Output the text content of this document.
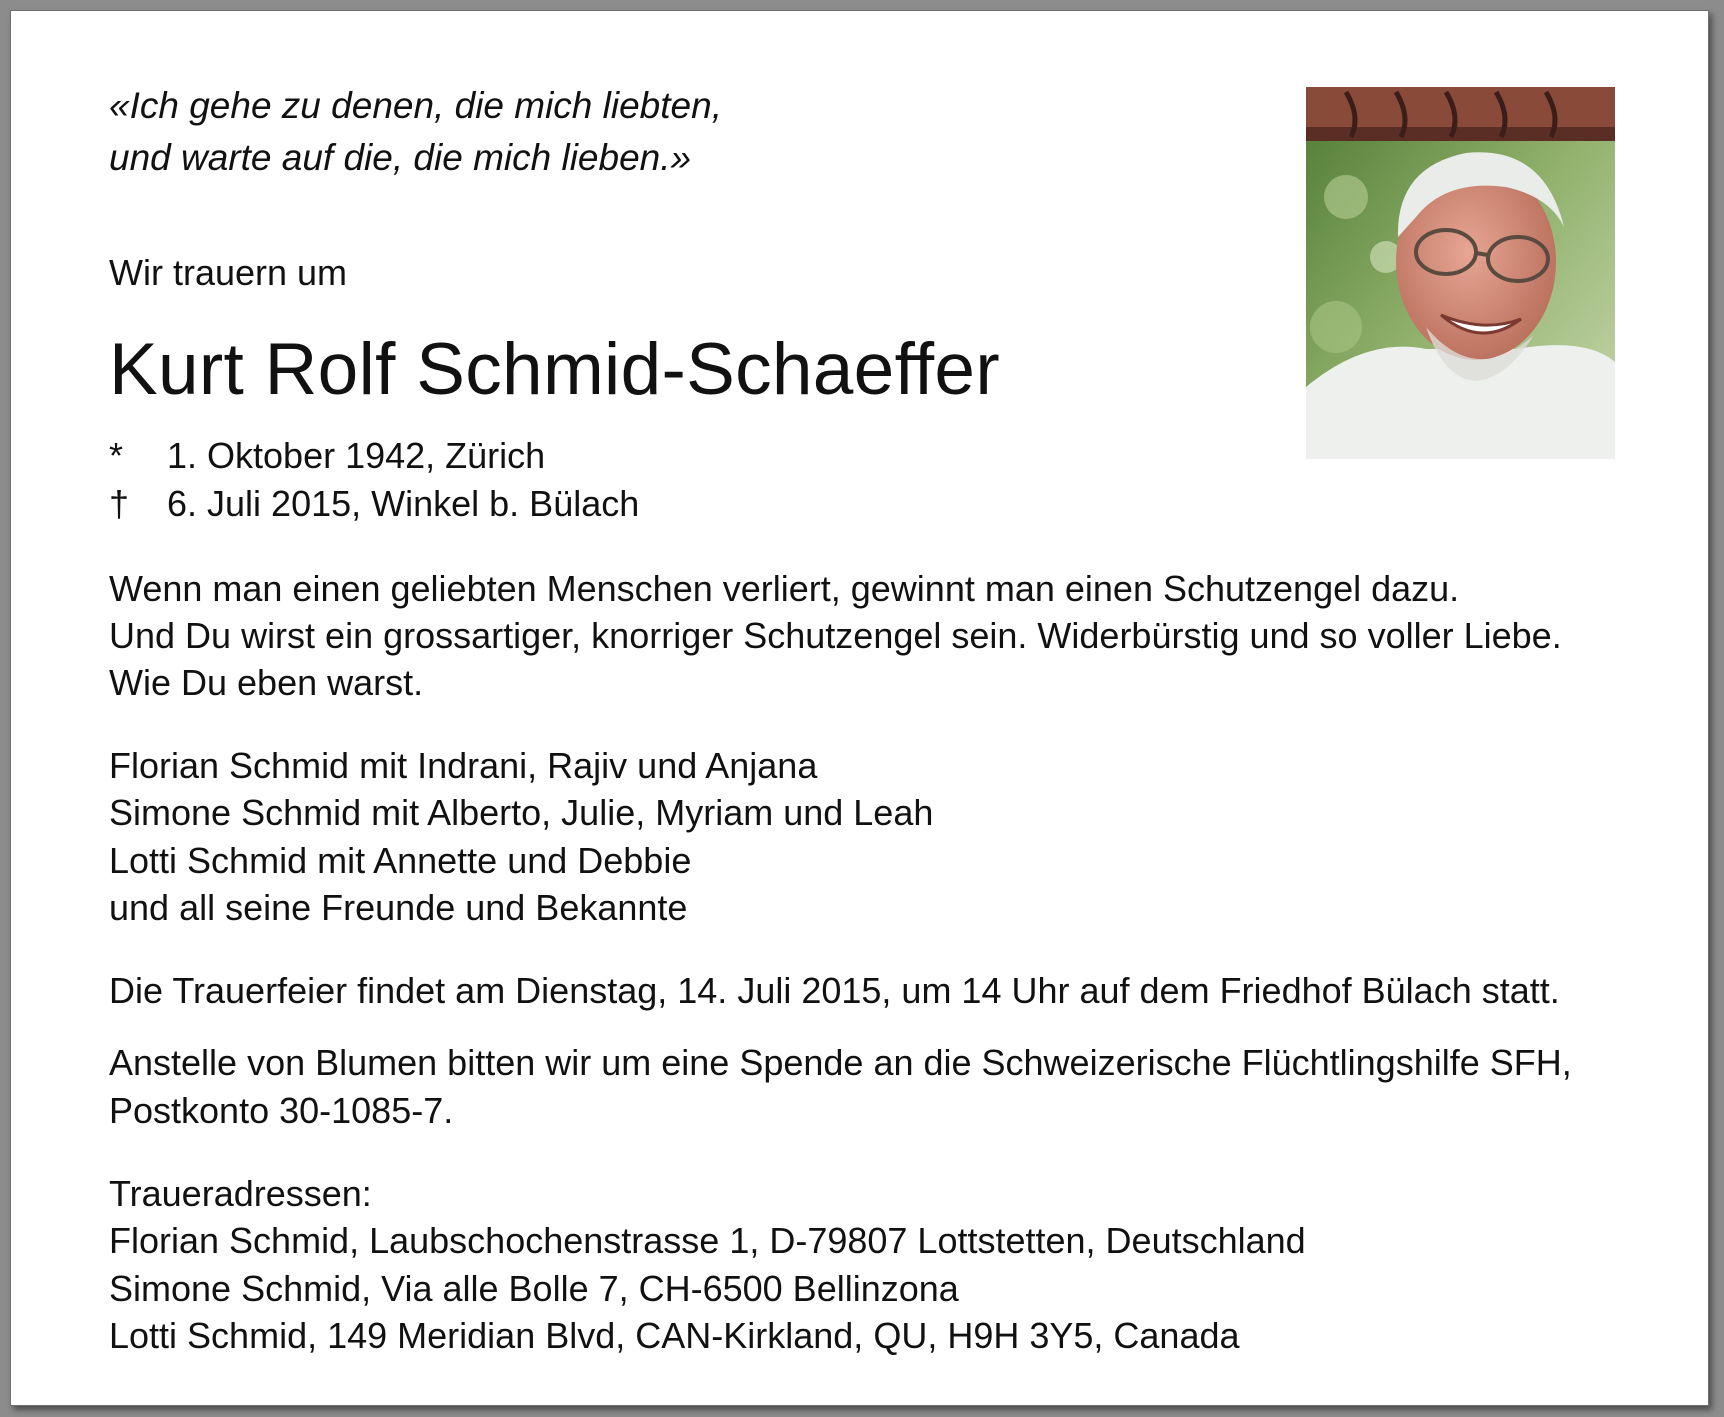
«Ich gehe zu denen, die mich liebten,
und warte auf die, die mich lieben.»
Wir trauern um
Kurt Rolf Schmid-Schaeffer
* 1. Oktober 1942, Zürich
† 6. Juli 2015, Winkel b. Bülach
Wenn man einen geliebten Menschen verliert, gewinnt man einen Schutzengel dazu.
Und Du wirst ein grossartiger, knorriger Schutzengel sein. Widerbürstig und so voller Liebe.
Wie Du eben warst.
Florian Schmid mit Indrani, Rajiv und Anjana
Simone Schmid mit Alberto, Julie, Myriam und Leah
Lotti Schmid mit Annette und Debbie
und all seine Freunde und Bekannte
Die Trauerfeier findet am Dienstag, 14. Juli 2015, um 14 Uhr auf dem Friedhof Bülach statt.
Anstelle von Blumen bitten wir um eine Spende an die Schweizerische Flüchtlingshilfe SFH,
Postkonto 30-1085-7.
Traueradressen:
Florian Schmid, Laubschochenstrasse 1, D-79807 Lottstetten, Deutschland
Simone Schmid, Via alle Bolle 7, CH-6500 Bellinzona
Lotti Schmid, 149 Meridian Blvd, CAN-Kirkland, QU, H9H 3Y5, Canada
